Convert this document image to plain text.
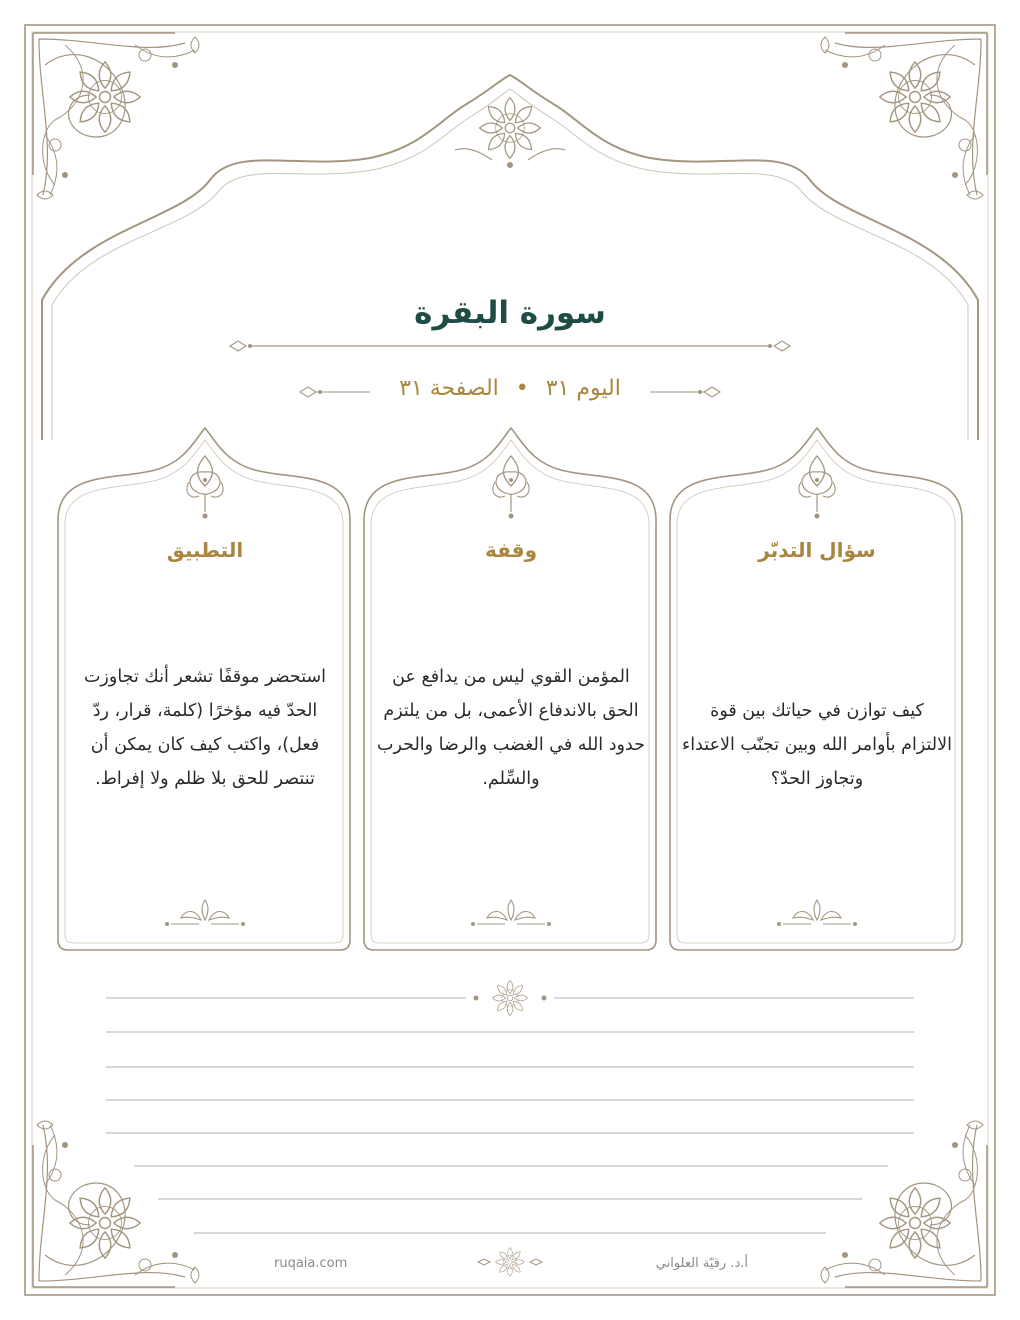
سورة البقرة
اليوم ٣١ • الصفحة ٣١
سؤال التدبّر
كيف توازن في حياتك بين قوة الالتزام بأوامر الله وبين تجنّب الاعتداء وتجاوز الحدّ؟
وقفة
المؤمن القوي ليس من يدافع عن الحق بالاندفاع الأعمى، بل من يلتزم حدود الله في الغضب والرضا والحرب والسِّلم.
التطبيق
استحضر موقفًا تشعر أنك تجاوزت الحدّ فيه مؤخرًا (كلمة، قرار، ردّ فعل)، واكتب كيف كان يمكن أن تنتصر للحق بلا ظلم ولا إفراط.
ruqaia.com	أ.د. رقيّة العلواني
